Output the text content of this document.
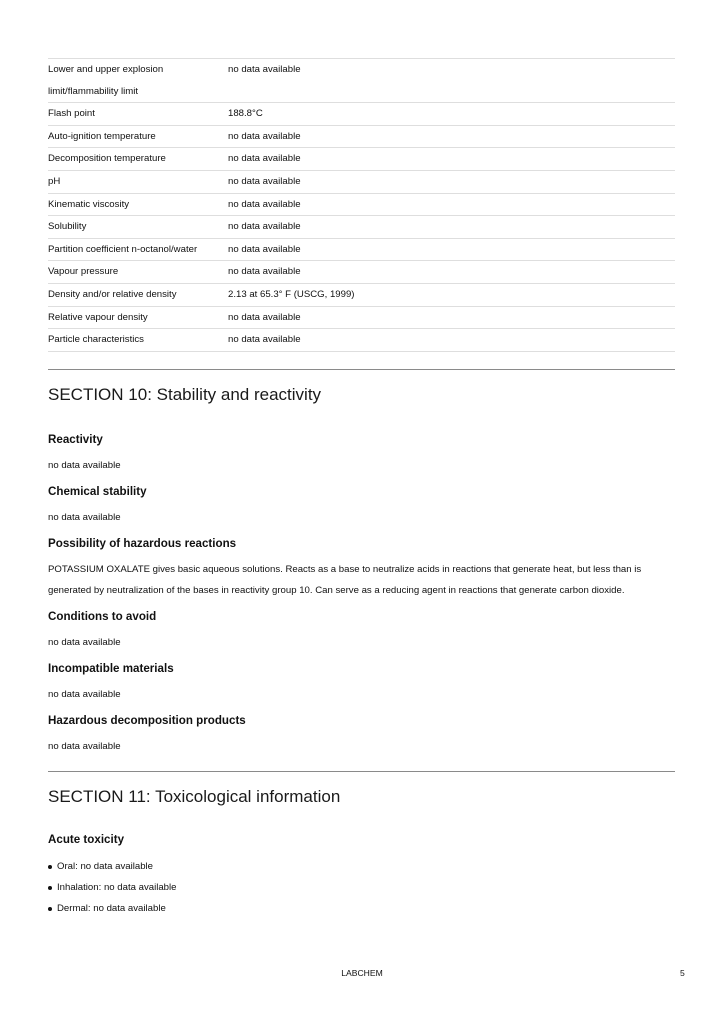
Lower and upper explosion
limit/flammability limit	no data available

Flash point	188.8°C

Auto-ignition temperature	no data available

Decomposition temperature	no data available

pH	no data available

Kinematic viscosity	no data available

Solubility	no data available

Partition coefficient n-octanol/water	no data available

Vapour pressure	no data available

Density and/or relative density	2.13 at 65.3° F (USCG, 1999)

Relative vapour density	no data available

Particle characteristics	no data available
SECTION 10: Stability and reactivity
Reactivity

no data available

Chemical stability

no data available

Possibility of hazardous reactions

POTASSIUM OXALATE gives basic aqueous solutions. Reacts as a base to neutralize acids in reactions that generate heat, but less than is
generated by neutralization of the bases in reactivity group 10. Can serve as a reducing agent in reactions that generate carbon dioxide.

Conditions to avoid

no data available

Incompatible materials

no data available

Hazardous decomposition products

no data available

SECTION 11: Toxicological information
Acute toxicity
Oral: no data available
Inhalation: no data available
Dermal: no data available
LABCHEM	5
